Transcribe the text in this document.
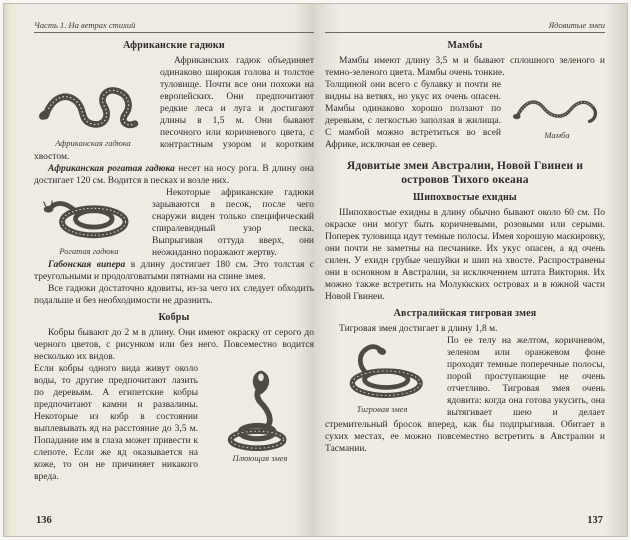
Часть 1. На ветрах стихий
Африканские гадюки
Африканская гадюка

Африканских гадюк объединяет одинаково широкая голова и толстое туловище. Почти все они похожи на европейских. Они предпочитают редкие леса и луга и достигают длины в 1,5 м. Они бывают песочного или коричневого цвета, с контрастным узором и коротким хвостом.

Африканская рогатая гадюка несет на носу рога. В длину она достигает 120 см. Водится в песках и возле них.

Рогатая гадюка

Некоторые африканские гадюки зарываются в песок, после чего снаружи виден только специфический спиралевидный узор песка. Выпрыгивая оттуда вверх, они неожиданно поражают жертву.

Габонская випера в длину достигает 180 см. Это толстая с треугольными и продолговатыми пятнами на спине змея.

Все гадюки достаточно ядовиты, из-за чего их следует обходить подальше и без необходимости не дразнить.

Кобры

Кобры бывают до 2 м в длину. Они имеют окраску от серого до черного цветов, с рисунком или без него. Повсеместно водится несколько их видов.

Плюющая змея

Если кобры одного вида живут около воды, то другие предпочитают лазить по деревьям. А египетские кобры предпочитают камни и развалины. Некоторые из кобр в состоянии выплевывать яд на расстояние до 3,5 м. Попадание им в глаза может привести к слепоте. Если же яд оказывается на коже, то он не причиняет никакого вреда.

136
Ядовитые змеи
Мамбы

Мамбы имеют длину 3,5 м и бывают сплошного зеленого и темно-зеленого цвета. Мамбы очень тонкие.

Мамба

Толщиной они всего с булавку и почти не видны на ветвях, но укус их очень опасен. Мамбы одинаково хорошо ползают по деревьям, с легкостью заползая в жилища. С мамбой можно встретиться во всей Африке, исключая ее север.

Ядовитые змеи Австралии, Новой Гвинеи и островов Тихого океана
Шипохвостые ехидны

Шипохвостые ехидны в длину обычно бывают около 60 см. По окраске они могут быть коричневыми, розовыми или серыми. Поперек туловища идут темные полосы. Имея хорошую маскировку, они почти не заметны на песчанике. Их укус опасен, а яд очень силен. У ехидн грубые чешуйки и шип на хвосте. Распространены они в основном в Австралии, за исключением штата Виктория. Их можно также встретить на Молуккских островах и в южной части Новой Гвинеи.

Австралийская тигровая змея

Тигровая змея достигает в длину 1,8 м.

Тигровая змея

По ее телу на желтом, коричневом, зеленом или оранжевом фоне проходят темные поперечные полосы, порой проступающие не очень отчетливо. Тигровая змея очень ядовита: когда она готова укусить, она вытягивает шею и делает стремительный бросок вперед, как бы подпрыгивая. Обитает в сухих местах, ее можно повсеместно встретить в Австралии и Тасмании.

137
